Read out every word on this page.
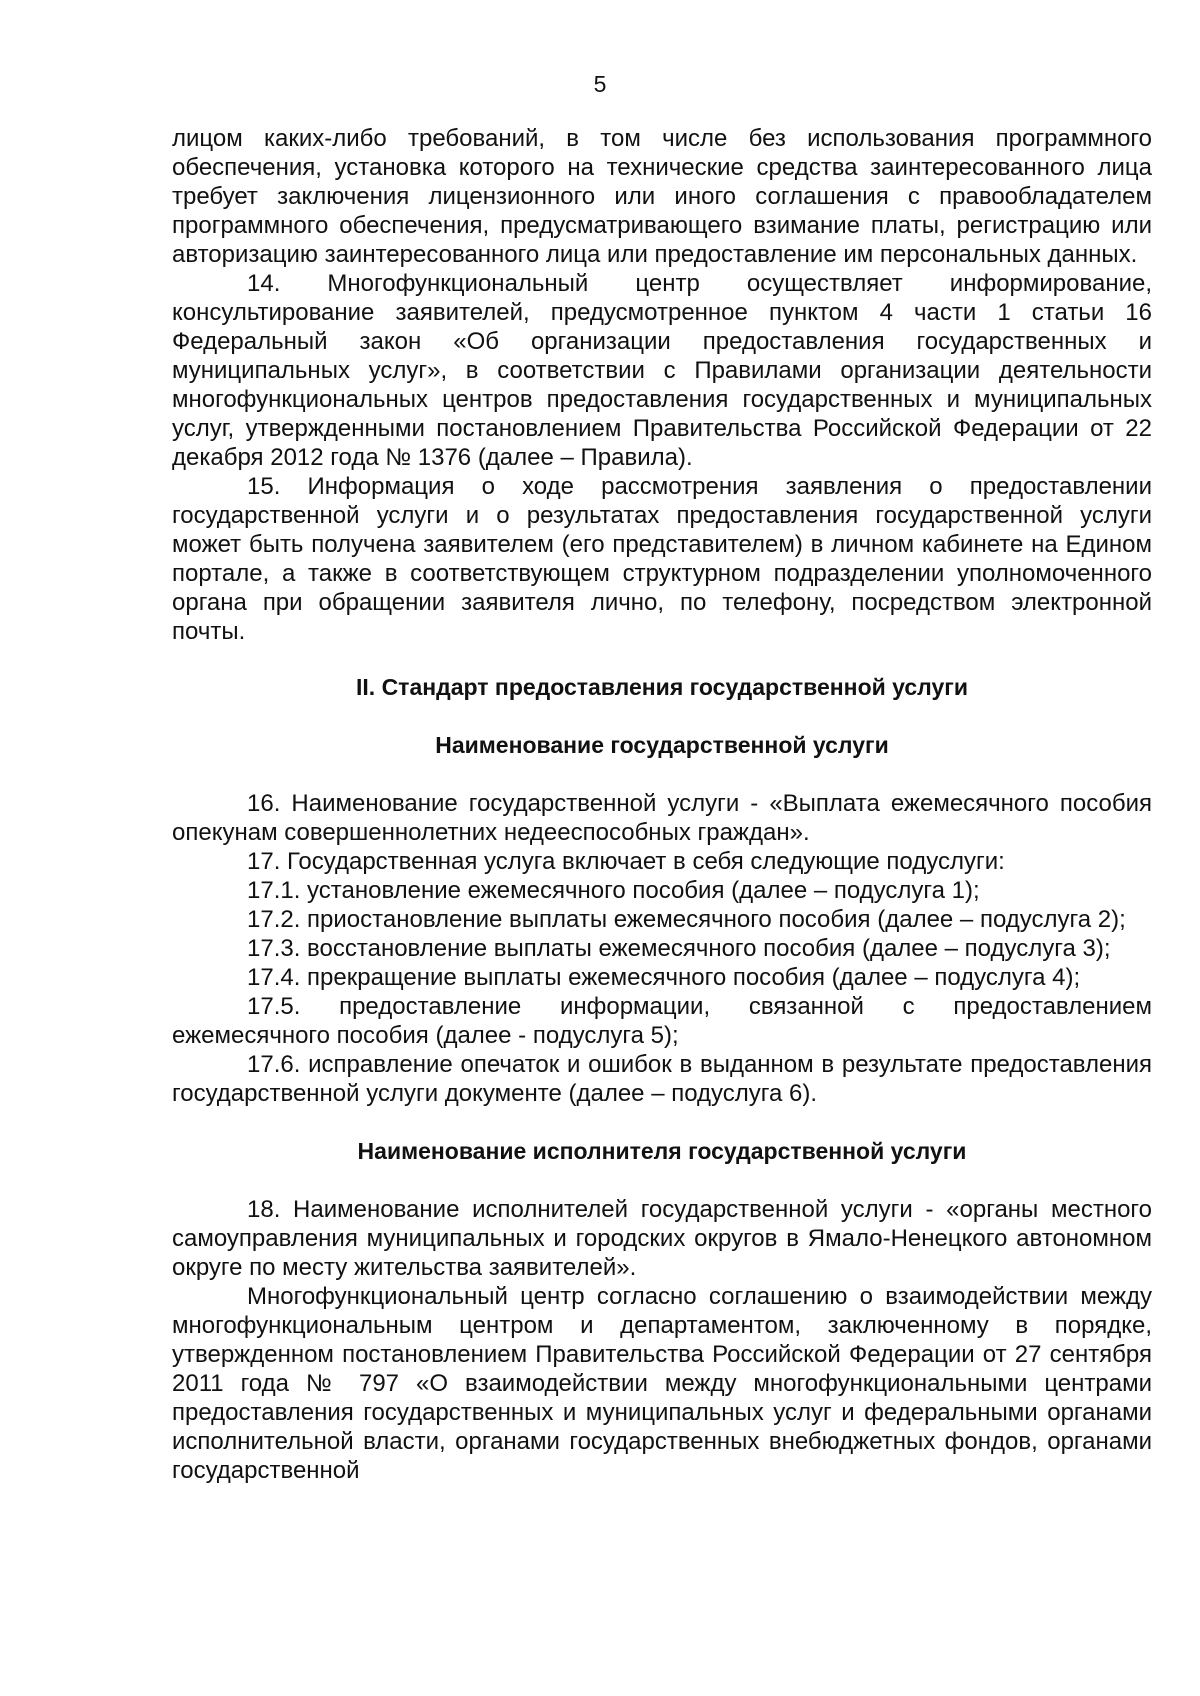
5

лицом каких-либо требований, в том числе без использования программного обеспечения, установка которого на технические средства заинтересованного лица требует заключения лицензионного или иного соглашения с правообладателем программного обеспечения, предусматривающего взимание платы, регистрацию или авторизацию заинтересованного лица или предоставление им персональных данных.

14. Многофункциональный центр осуществляет информирование, консультирование заявителей, предусмотренное пунктом 4 части 1 статьи 16 Федеральный закон «Об организации предоставления государственных и муниципальных услуг», в соответствии с Правилами организации деятельности многофункциональных центров предоставления государственных и муниципальных услуг, утвержденными постановлением Правительства Российской Федерации от 22 декабря 2012 года № 1376 (далее – Правила).

15. Информация о ходе рассмотрения заявления о предоставлении государственной услуги и о результатах предоставления государственной услуги может быть получена заявителем (его представителем) в личном кабинете на Едином портале, а также в соответствующем структурном подразделении уполномоченного органа при обращении заявителя лично, по телефону, посредством электронной почты.

II. Стандарт предоставления государственной услуги
Наименование государственной услуги

16. Наименование государственной услуги - «Выплата ежемесячного пособия опекунам совершеннолетних недееспособных граждан».

17. Государственная услуга включает в себя следующие подуслуги:

17.1. установление ежемесячного пособия (далее – подуслуга 1);

17.2. приостановление выплаты ежемесячного пособия (далее – подуслуга 2);

17.3. восстановление выплаты ежемесячного пособия (далее – подуслуга 3);

17.4. прекращение выплаты ежемесячного пособия (далее – подуслуга 4);

17.5. предоставление информации, связанной с предоставлением ежемесячного пособия (далее - подуслуга 5);

17.6. исправление опечаток и ошибок в выданном в результате предоставления государственной услуги документе (далее – подуслуга 6).

Наименование исполнителя государственной услуги

18. Наименование исполнителей государственной услуги - «органы местного самоуправления муниципальных и городских округов в Ямало-Ненецкого автономном округе по месту жительства заявителей».

Многофункциональный центр согласно соглашению о взаимодействии между многофункциональным центром и департаментом, заключенному в порядке, утвержденном постановлением Правительства Российской Федерации от 27 сентября 2011 года № 797 «О взаимодействии между многофункциональными центрами предоставления государственных и муниципальных услуг и федеральными органами исполнительной власти, органами государственных внебюджетных фондов, органами государственной
